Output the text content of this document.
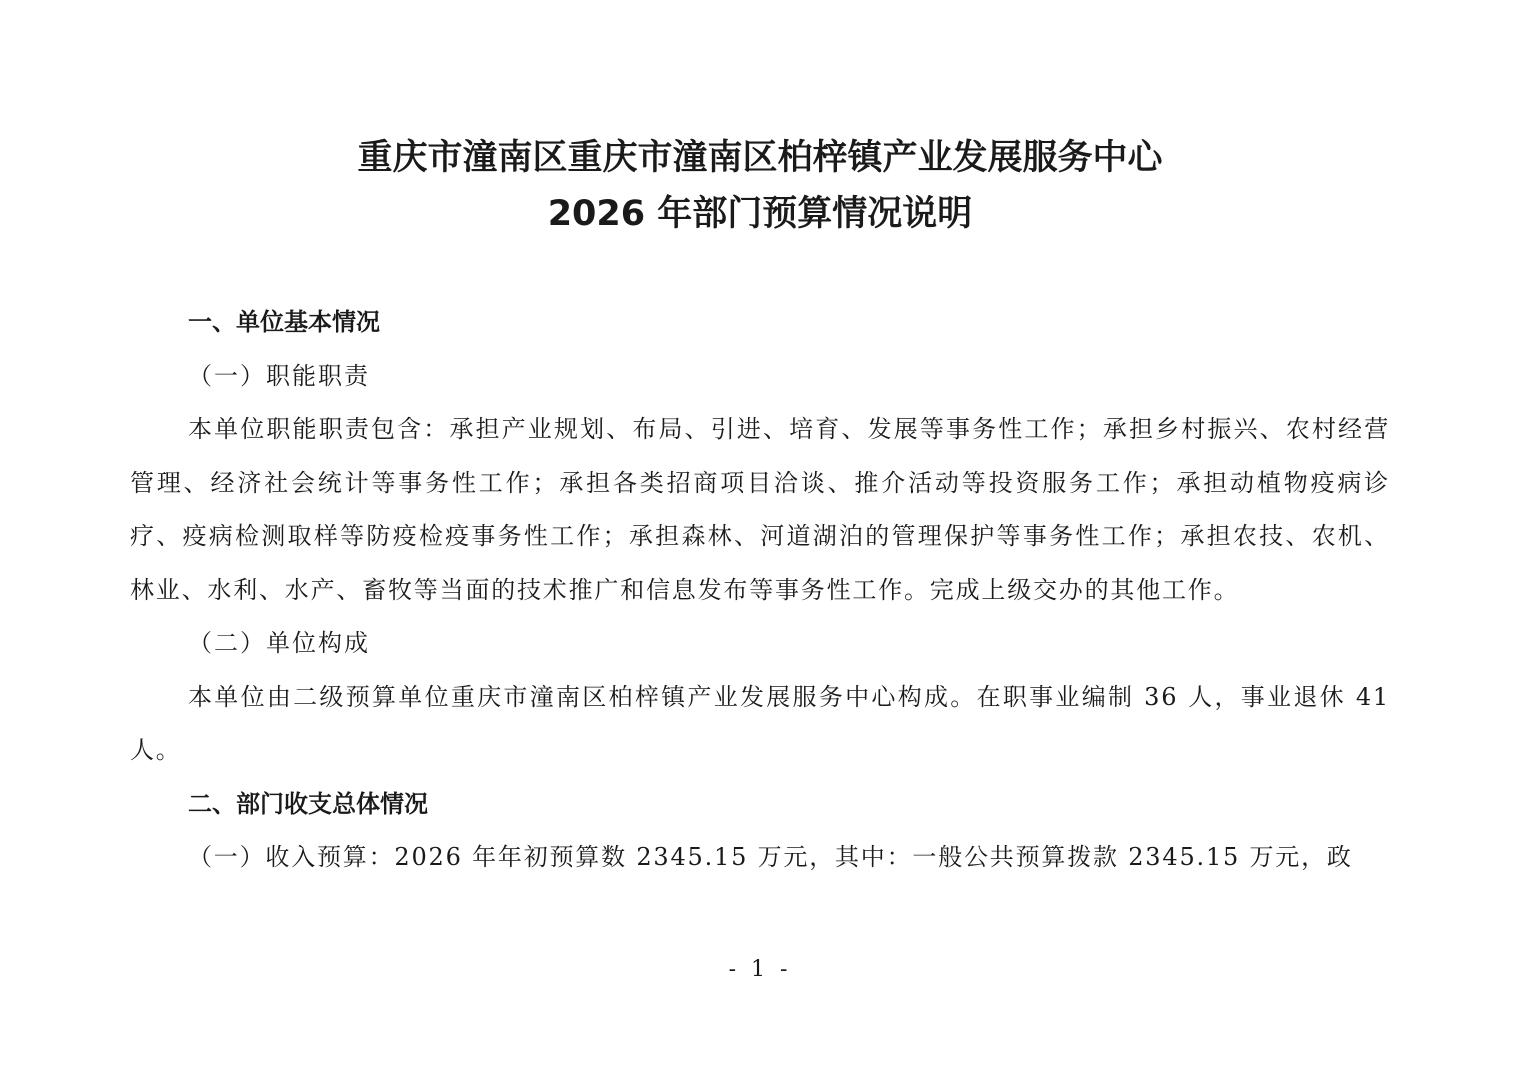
重庆市潼南区重庆市潼南区柏梓镇产业发展服务中心
2026 年部门预算情况说明
一、单位基本情况
（一）职能职责
本单位职能职责包含：承担产业规划、布局、引进、培育、发展等事务性工作；承担乡村振兴、农村经营管理、经济社会统计等事务性工作；承担各类招商项目洽谈、推介活动等投资服务工作；承担动植物疫病诊疗、疫病检测取样等防疫检疫事务性工作；承担森林、河道湖泊的管理保护等事务性工作；承担农技、农机、林业、水利、水产、畜牧等当面的技术推广和信息发布等事务性工作。完成上级交办的其他工作。
（二）单位构成
本单位由二级预算单位重庆市潼南区柏梓镇产业发展服务中心构成。在职事业编制 36 人，事业退休 41 人。
二、部门收支总体情况
（一）收入预算：2026 年年初预算数 2345.15 万元，其中：一般公共预算拨款 2345.15 万元，政
- 1 -
